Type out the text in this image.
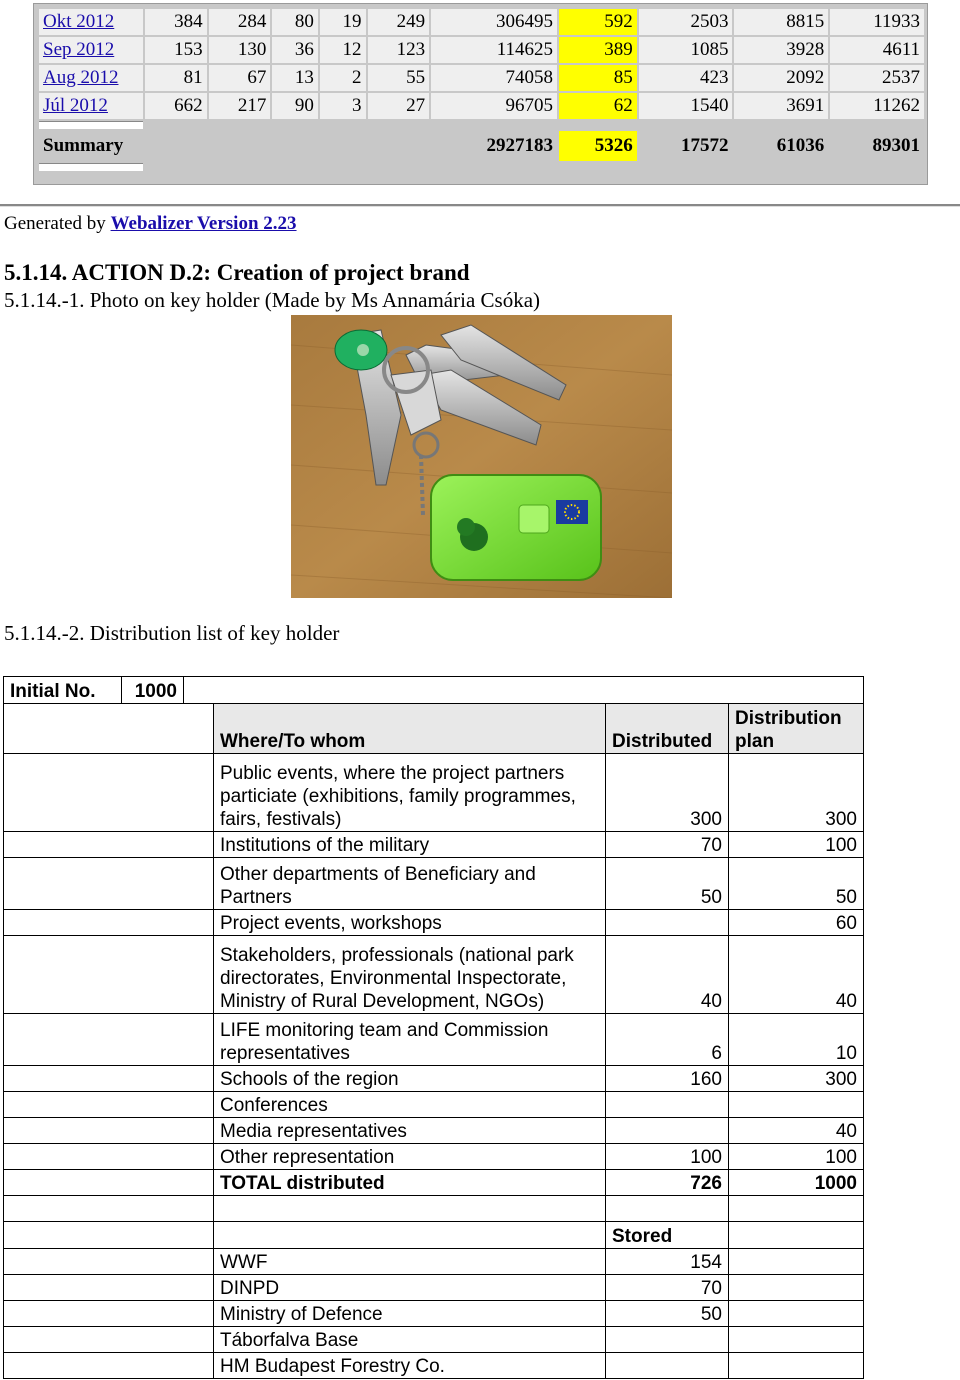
Okt 2012	384	284	80	19	249	306495	592	2503	8815	11933
Sep 2012	153	130	36	12	123	114625	389	1085	3928	4611
Aug 2012	81	67	13	2	55	74058	85	423	2092	2537
Júl 2012	662	217	90	3	27	96705	62	1540	3691	11262

Summary						2927183	5326	17572	61036	89301

Generated by Webalizer Version 2.23
5.1.14. ACTION D.2: Creation of project brand
5.1.14.-1. Photo on key holder (Made by Ms Annamária Csóka)
5.1.14.-2. Distribution list of key holder
Initial No.	1000				
			Where/To whom	Distributed	Distribution plan
			Public events, where the project partners particiate (exhibitions, family programmes, fairs, festivals)	300	300
			Institutions of the military	70	100
			Other departments of Beneficiary and Partners	50	50
			Project events, workshops		60
			Stakeholders, professionals (national park directorates, Environmental Inspectorate, Ministry of Rural Development, NGOs)	40	40
			LIFE monitoring team and Commission representatives	6	10
			Schools of the region	160	300
			Conferences		
			Media representatives		40
			Other representation	100	100
			TOTAL distributed	726	1000

				Stored	
			WWF	154	
			DINPD	70	
			Ministry of Defence	50	
			Táborfalva Base		
			HM Budapest Forestry Co.		
